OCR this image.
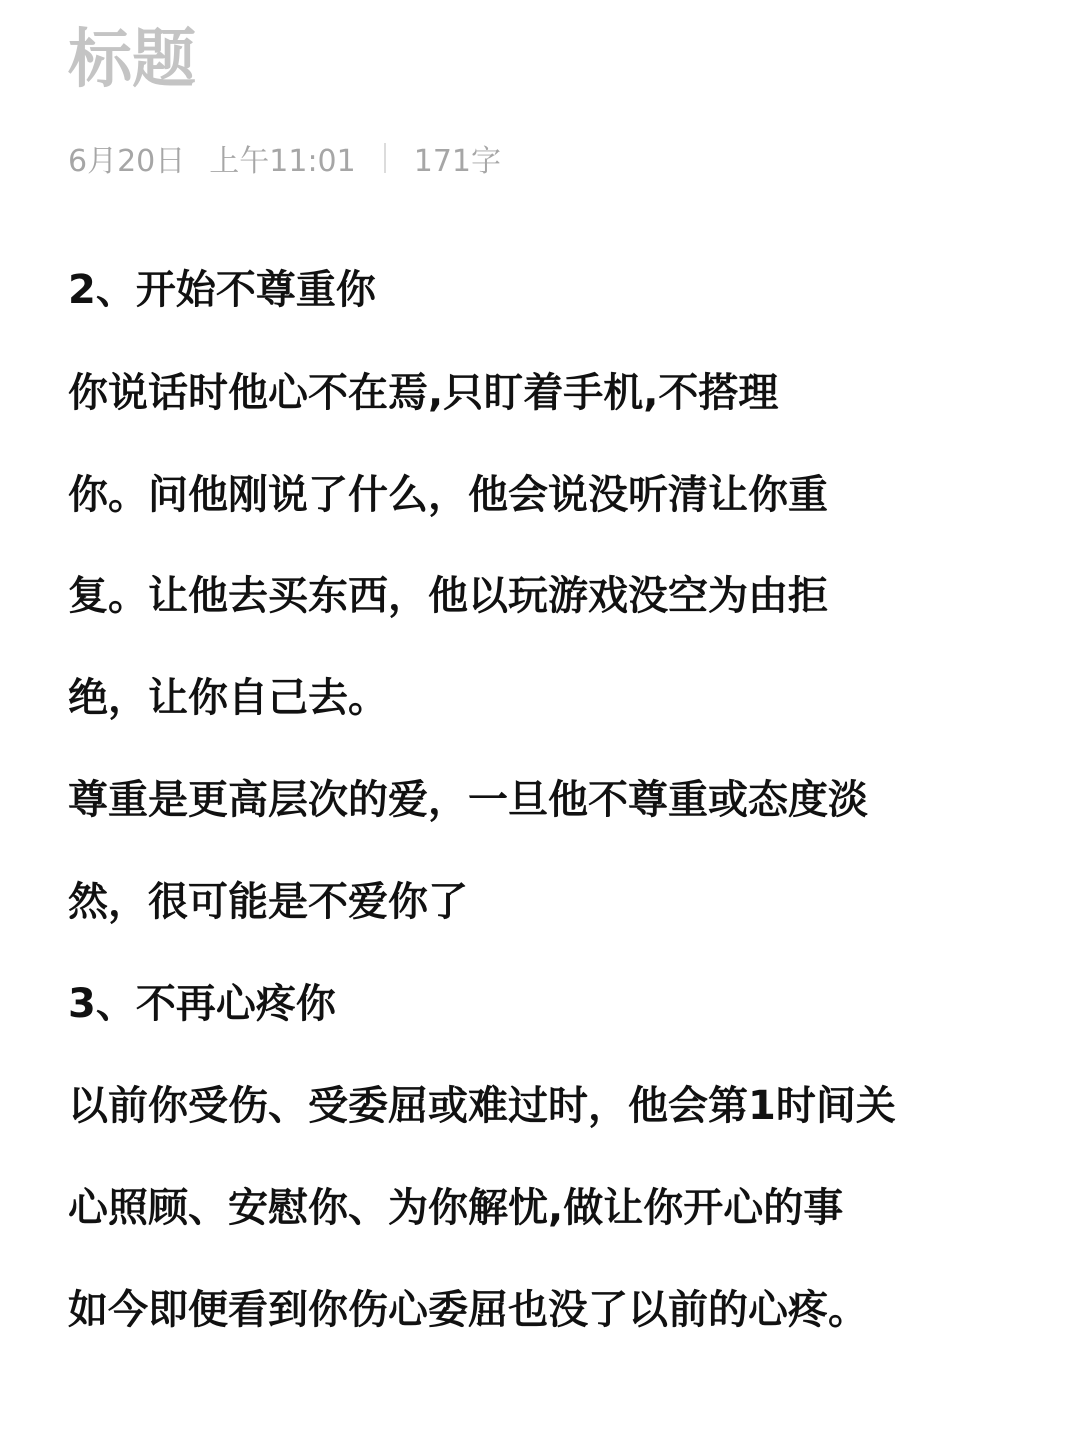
标题
6月20日 上午11:01 171字
2、开始不尊重你
你说话时他心不在焉,只盯着手机,不搭理
你。问他刚说了什么，他会说没听清让你重
复。让他去买东西，他以玩游戏没空为由拒
绝，让你自己去。
尊重是更高层次的爱，一旦他不尊重或态度淡
然，很可能是不爱你了
3、不再心疼你
以前你受伤、受委屈或难过时，他会第1时间关
心照顾、安慰你、为你解忧,做让你开心的事
如今即便看到你伤心委屈也没了以前的心疼。
